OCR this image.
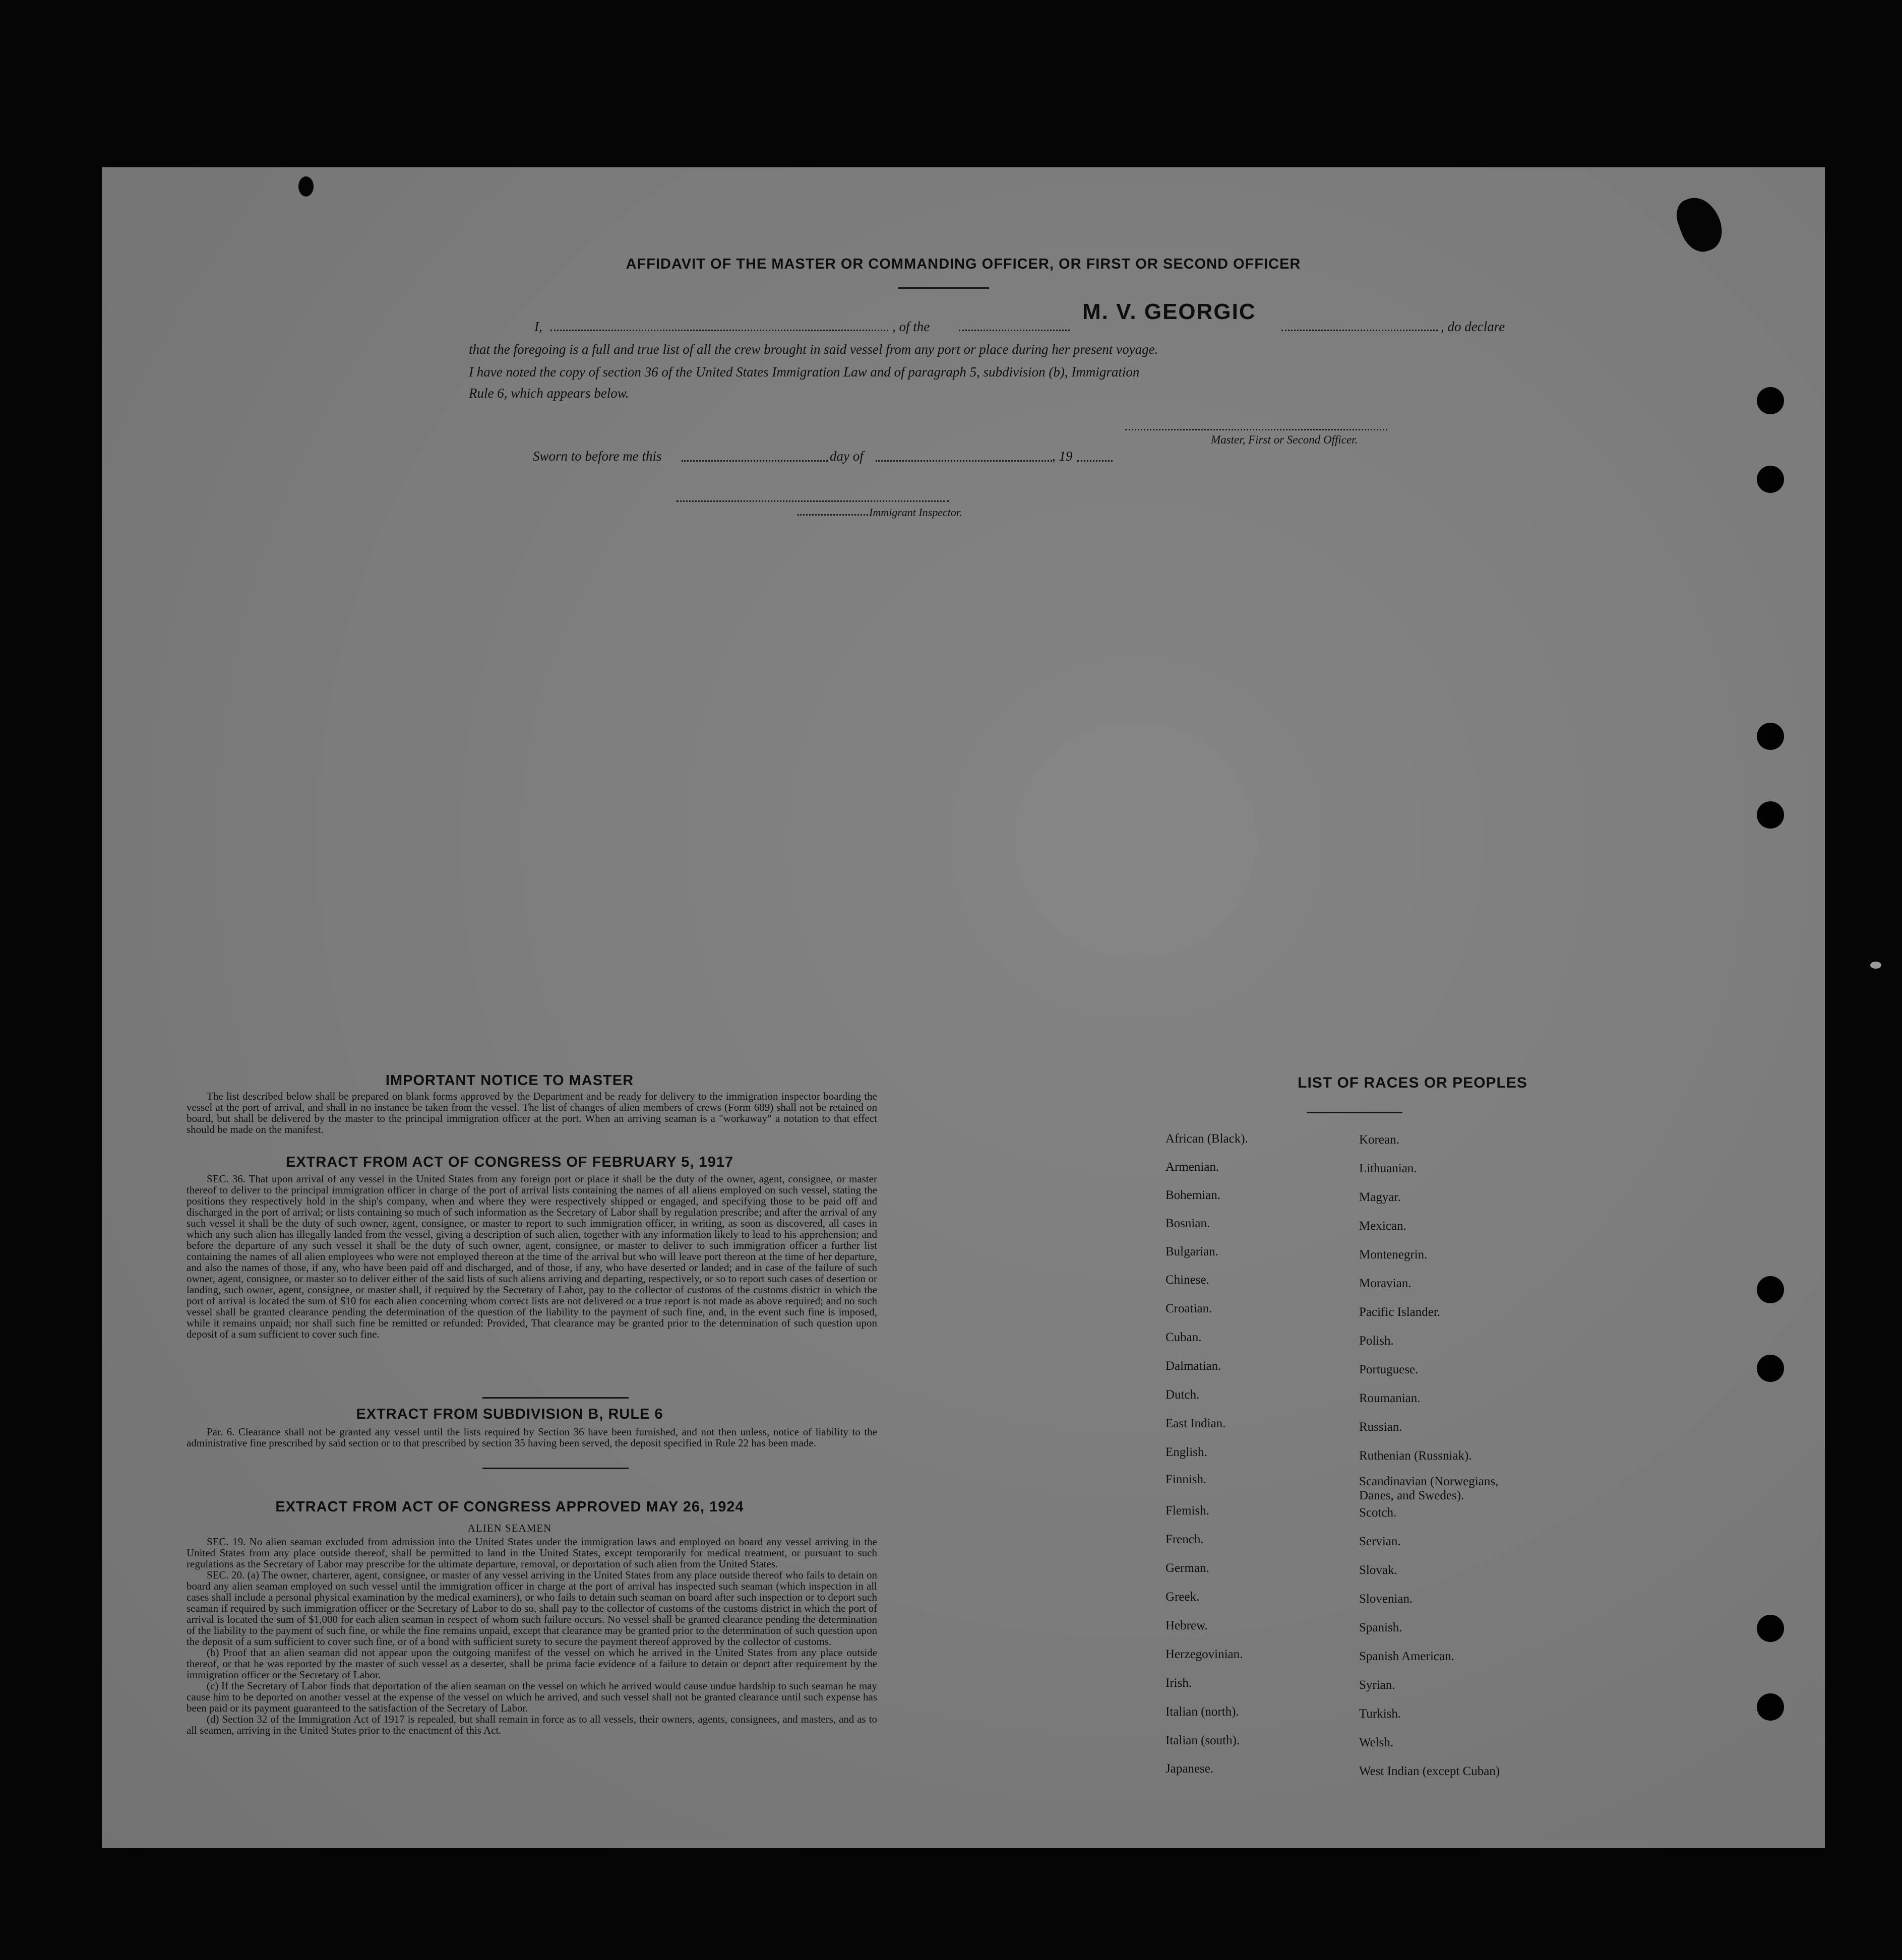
AFFIDAVIT OF THE MASTER OR COMMANDING OFFICER, OR FIRST OR SECOND OFFICER
I,	, of the
M. V. GEORGIC
, do declare
that the foregoing is a full and true list of all the crew brought in said vessel from any port or place during her present voyage.
I have noted the copy of section 36 of the United States Immigration Law and of paragraph 5, subdivision (b), Immigration
Rule 6, which appears below.
Master, First or Second Officer.
Sworn to before me this	day of	, 19
Immigrant Inspector.
IMPORTANT NOTICE TO MASTER

The list described below shall be prepared on blank forms approved by the Department and be ready for delivery to the immigration inspector boarding the vessel at the port of arrival, and shall in no instance be taken from the vessel. The list of changes of alien members of crews (Form 689) shall not be retained on board, but shall be delivered by the master to the principal immigration officer at the port. When an arriving seaman is a "workaway" a notation to that effect should be made on the manifest.

EXTRACT FROM ACT OF CONGRESS OF FEBRUARY 5, 1917

SEC. 36. That upon arrival of any vessel in the United States from any foreign port or place it shall be the duty of the owner, agent, consignee, or master thereof to deliver to the principal immigration officer in charge of the port of arrival lists containing the names of all aliens employed on such vessel, stating the positions they respectively hold in the ship's company, when and where they were respectively shipped or engaged, and specifying those to be paid off and discharged in the port of arrival; or lists containing so much of such information as the Secretary of Labor shall by regulation prescribe; and after the arrival of any such vessel it shall be the duty of such owner, agent, consignee, or master to report to such immigration officer, in writing, as soon as discovered, all cases in which any such alien has illegally landed from the vessel, giving a description of such alien, together with any information likely to lead to his apprehension; and before the departure of any such vessel it shall be the duty of such owner, agent, consignee, or master to deliver to such immigration officer a further list containing the names of all alien employees who were not employed thereon at the time of the arrival but who will leave port thereon at the time of her departure, and also the names of those, if any, who have been paid off and discharged, and of those, if any, who have deserted or landed; and in case of the failure of such owner, agent, consignee, or master so to deliver either of the said lists of such aliens arriving and departing, respectively, or so to report such cases of desertion or landing, such owner, agent, consignee, or master shall, if required by the Secretary of Labor, pay to the collector of customs of the customs district in which the port of arrival is located the sum of $10 for each alien concerning whom correct lists are not delivered or a true report is not made as above required; and no such vessel shall be granted clearance pending the determination of the question of the liability to the payment of such fine, and, in the event such fine is imposed, while it remains unpaid; nor shall such fine be remitted or refunded: Provided, That clearance may be granted prior to the determination of such question upon deposit of a sum sufficient to cover such fine.

EXTRACT FROM SUBDIVISION B, RULE 6

Par. 6. Clearance shall not be granted any vessel until the lists required by Section 36 have been furnished, and not then unless, notice of liability to the administrative fine prescribed by said section or to that prescribed by section 35 having been served, the deposit specified in Rule 22 has been made.

EXTRACT FROM ACT OF CONGRESS APPROVED MAY 26, 1924
ALIEN SEAMEN

SEC. 19. No alien seaman excluded from admission into the United States under the immigration laws and employed on board any vessel arriving in the United States from any place outside thereof, shall be permitted to land in the United States, except temporarily for medical treatment, or pursuant to such regulations as the Secretary of Labor may prescribe for the ultimate departure, removal, or deportation of such alien from the United States.

SEC. 20. (a) The owner, charterer, agent, consignee, or master of any vessel arriving in the United States from any place outside thereof who fails to detain on board any alien seaman employed on such vessel until the immigration officer in charge at the port of arrival has inspected such seaman (which inspection in all cases shall include a personal physical examination by the medical examiners), or who fails to detain such seaman on board after such inspection or to deport such seaman if required by such immigration officer or the Secretary of Labor to do so, shall pay to the collector of customs of the customs district in which the port of arrival is located the sum of $1,000 for each alien seaman in respect of whom such failure occurs. No vessel shall be granted clearance pending the determination of the liability to the payment of such fine, or while the fine remains unpaid, except that clearance may be granted prior to the determination of such question upon the deposit of a sum sufficient to cover such fine, or of a bond with sufficient surety to secure the payment thereof approved by the collector of customs.

(b) Proof that an alien seaman did not appear upon the outgoing manifest of the vessel on which he arrived in the United States from any place outside thereof, or that he was reported by the master of such vessel as a deserter, shall be prima facie evidence of a failure to detain or deport after requirement by the immigration officer or the Secretary of Labor.

(c) If the Secretary of Labor finds that deportation of the alien seaman on the vessel on which he arrived would cause undue hardship to such seaman he may cause him to be deported on another vessel at the expense of the vessel on which he arrived, and such vessel shall not be granted clearance until such expense has been paid or its payment guaranteed to the satisfaction of the Secretary of Labor.

(d) Section 32 of the Immigration Act of 1917 is repealed, but shall remain in force as to all vessels, their owners, agents, consignees, and masters, and as to all seamen, arriving in the United States prior to the enactment of this Act.

LIST OF RACES OR PEOPLES
African (Black).
Armenian.
Bohemian.
Bosnian.
Bulgarian.
Chinese.
Croatian.
Cuban.
Dalmatian.
Dutch.
East Indian.
English.
Finnish.
Flemish.
French.
German.
Greek.
Hebrew.
Herzegovinian.
Irish.
Italian (north).
Italian (south).
Japanese.
Korean.
Lithuanian.
Magyar.
Mexican.
Montenegrin.
Moravian.
Pacific Islander.
Polish.
Portuguese.
Roumanian.
Russian.
Ruthenian (Russniak).
Scandinavian (Norwegians, Danes, and Swedes).
Scotch.
Servian.
Slovak.
Slovenian.
Spanish.
Spanish American.
Syrian.
Turkish.
Welsh.
West Indian (except Cuban)
